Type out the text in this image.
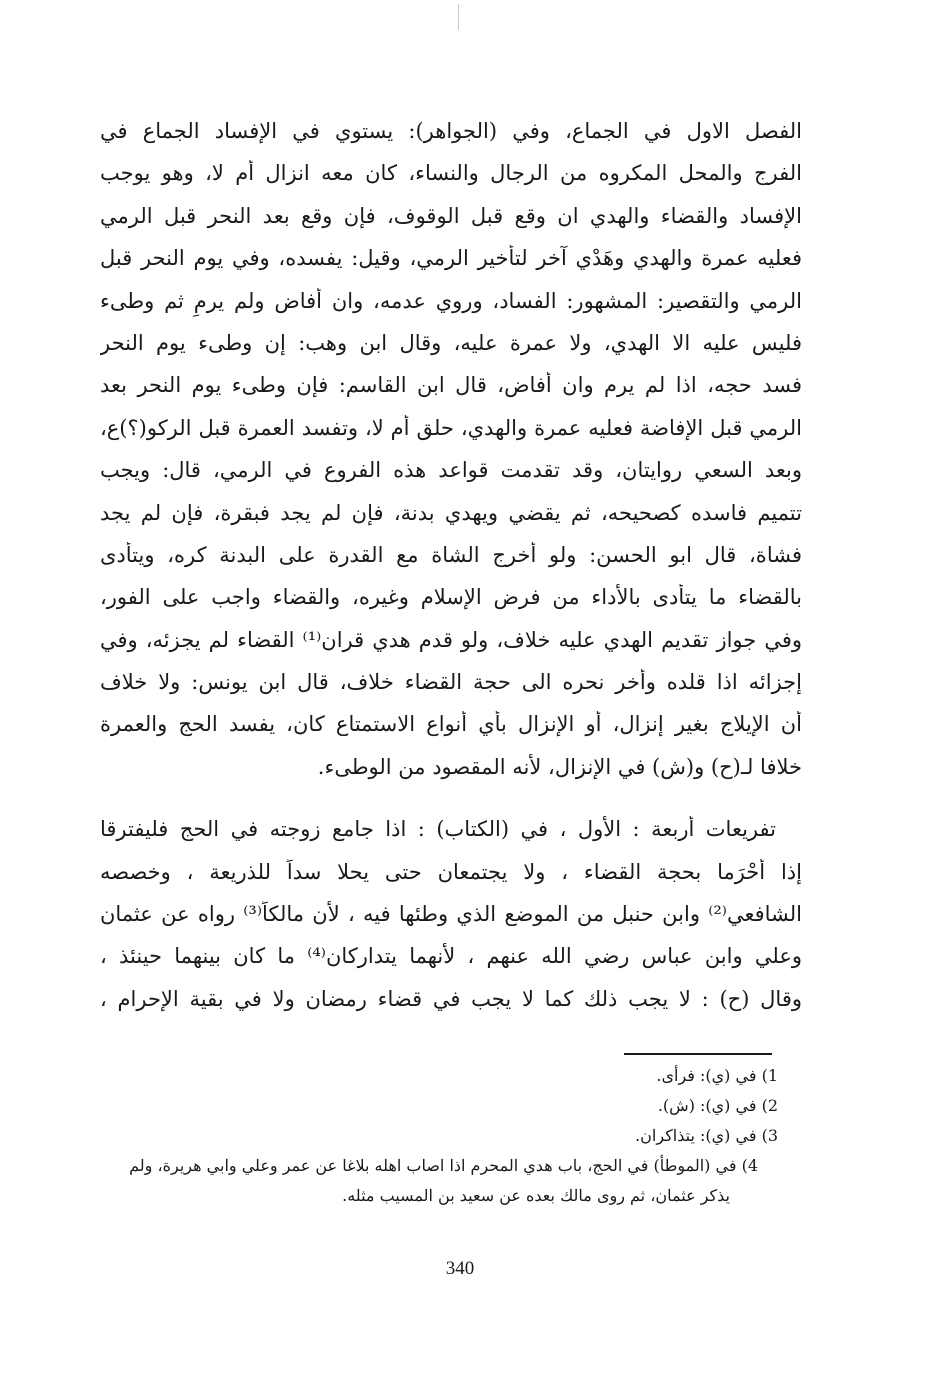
الفصل الاول في الجماع، وفي (الجواهر): يستوي في الإفساد الجماع في
الفرج والمحل المكروه من الرجال والنساء، كان معه انزال أم لا، وهو يوجب
الإفساد والقضاء والهدي ان وقع قبل الوقوف، فإن وقع بعد النحر قبل الرمي
فعليه عمرة والهدي وهَدْي آخر لتأخير الرمي، وقيل: يفسده، وفي يوم النحر قبل
الرمي والتقصير: المشهور: الفساد، وروي عدمه، وان أفاض ولم يرمِ ثم وطىء
فليس عليه الا الهدي، ولا عمرة عليه، وقال ابن وهب: إن وطىء يوم النحر
فسد حجه، اذا لم يرم وان أفاض، قال ابن القاسم: فإن وطىء يوم النحر بعد
الرمي قبل الإفاضة فعليه عمرة والهدي، حلق أم لا، وتفسد العمرة قبل الركو(؟)ع،
وبعد السعي روايتان، وقد تقدمت قواعد هذه الفروع في الرمي، قال: ويجب
تتميم فاسده كصحيحه، ثم يقضي ويهدي بدنة، فإن لم يجد فبقرة، فإن لم يجد
فشاة، قال ابو الحسن: ولو أخرج الشاة مع القدرة على البدنة كره، ويتأدى
بالقضاء ما يتأدى بالأداء من فرض الإسلام وغيره، والقضاء واجب على الفور،
وفي جواز تقديم الهدي عليه خلاف، ولو قدم هدي قران⁽¹⁾ القضاء لم يجزئه، وفي
إجزائه اذا قلده وأخر نحره الى حجة القضاء خلاف، قال ابن يونس: ولا خلاف
أن الإيلاج بغير إنزال، أو الإنزال بأي أنواع الاستمتاع كان، يفسد الحج والعمرة
خلافا لـ(ح) و(ش) في الإنزال، لأنه المقصود من الوطىء.
تفريعات أربعة : الأول ، في (الكتاب) : اذا جامع زوجته في الحج فليفترقا
إذا أحْرَما بحجة القضاء ، ولا يجتمعان حتى يحلا سداً للذريعة ، وخصصه
الشافعي⁽²⁾ وابن حنبل من الموضع الذي وطئها فيه ، لأن مالكاً⁽³⁾ رواه عن عثمان
وعلي وابن عباس رضي الله عنهم ، لأنهما يتداركان⁽⁴⁾ ما كان بينهما حينئذ ،
وقال (ح) : لا يجب ذلك كما لا يجب في قضاء رمضان ولا في بقية الإحرام ،
1) في (ي): فرأى.
2) في (ي): (ش).
3) في (ي): يتذاكران.
4) في (الموطأ) في الحج، باب هدي المحرم اذا اصاب اهله بلاغا عن عمر وعلي وابي هريرة، ولم
يذكر عثمان، ثم روى مالك بعده عن سعيد بن المسيب مثله.
340
